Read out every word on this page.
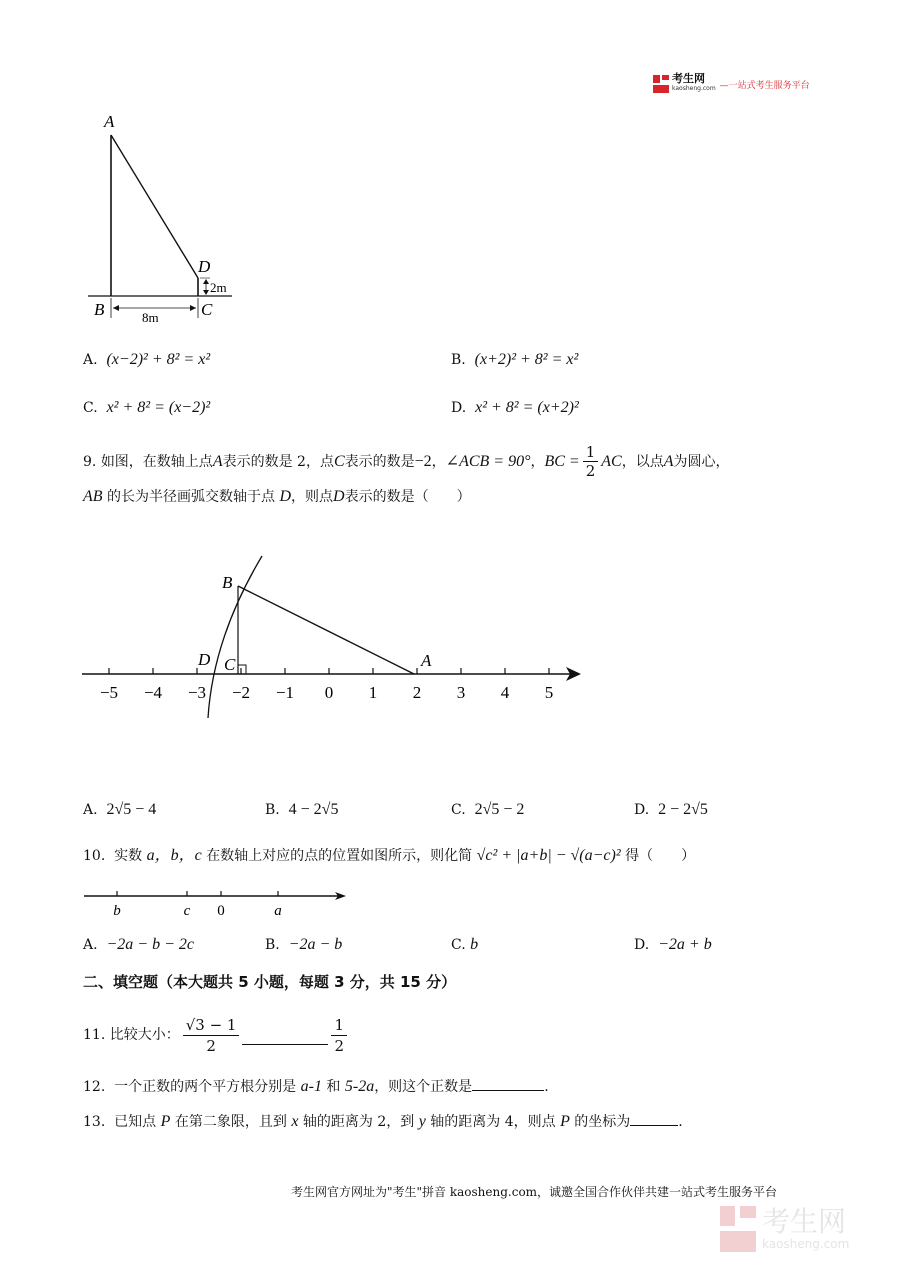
考生网
kaosheng.com —一站式考生服务平台
A
B	C
D
8m
2m
A. (x−2)² + 8² = x²	B. (x+2)² + 8² = x²
C. x² + 8² = (x−2)²	D. x² + 8² = (x+2)²
9.
如图，在数轴上点 A 表示的数是 2，点 C 表示的数是 −2 ， ∠ACB = 90° ， BC = $\frac{1}{2}$ AC ，以点 A 为圆心，
AB 的长为半径画弧交数轴于点 D，则点D表示的数是（　　）
−5 −4 −3 −2 −1 0 1 2 3 4 5
B
C
D	A
A. 2√5 − 4	B. 4 − 2√5	C. 2√5 − 2	D. 2 − 2√5
10. 实数 a，b，c 在数轴上对应的点的位置如图所示，则化简 √c² + |a+b| − √(a−c)² 得（　　）
b	c 0	a
A. −2a − b − 2c	B. −2a − b	C. b	D. −2a + b
二、填空题（本大题共 5 小题，每题 3 分，共 15 分）
11.
比较大小： $\frac{√3 - 1}{2}$	$\frac{1}{2}$
12. 一个正数的两个平方根分别是 a-1 和 5-2a，则这个正数是	.
13. 已知点 P 在第二象限，且到 x 轴的距离为 2，到 y 轴的距离为 4，则点 P 的坐标为	.
考生网官方网址为"考生"拼音 kaosheng.com，诚邀全国合作伙伴共建一站式考生服务平台
考生网
kaosheng.com
